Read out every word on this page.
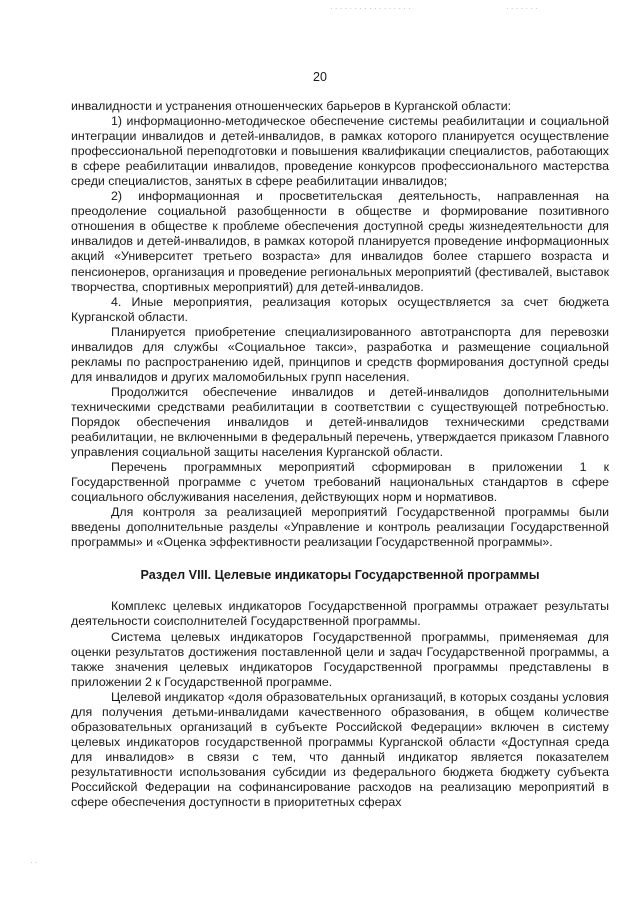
· · · · · · · · · · · · · · · · ·	· · · · · · ·
· ·
20

инвалидности и устранения отношенческих барьеров в Курганской области:

1) информационно-методическое обеспечение системы реабилитации и социальной интеграции инвалидов и детей-инвалидов, в рамках которого планируется осуществление профессиональной переподготовки и повышения квалификации специалистов, работающих в сфере реабилитации инвалидов, проведение конкурсов профессионального мастерства среди специалистов, занятых в сфере реабилитации инвалидов;

2) информационная и просветительская деятельность, направленная на преодоление социальной разобщенности в обществе и формирование позитивного отношения в обществе к проблеме обеспечения доступной среды жизнедеятельности для инвалидов и детей-инвалидов, в рамках которой планируется проведение информационных акций «Университет третьего возраста» для инвалидов более старшего возраста и пенсионеров, организация и проведение региональных мероприятий (фестивалей, выставок творчества, спортивных мероприятий) для детей-инвалидов.

4. Иные мероприятия, реализация которых осуществляется за счет бюджета Курганской области.

Планируется приобретение специализированного автотранспорта для перевозки инвалидов для службы «Социальное такси», разработка и размещение социальной рекламы по распространению идей, принципов и средств формирования доступной среды для инвалидов и других маломобильных групп населения.

Продолжится обеспечение инвалидов и детей-инвалидов дополнительными техническими средствами реабилитации в соответствии с существующей потребностью. Порядок обеспечения инвалидов и детей-инвалидов техническими средствами реабилитации, не включенными в федеральный перечень, утверждается приказом Главного управления социальной защиты населения Курганской области.

Перечень программных мероприятий сформирован в приложении 1 к Государственной программе с учетом требований национальных стандартов в сфере социального обслуживания населения, действующих норм и нормативов.

Для контроля за реализацией мероприятий Государственной программы были введены дополнительные разделы «Управление и контроль реализации Государственной программы» и «Оценка эффективности реализации Государственной программы».

Раздел VIII. Целевые индикаторы Государственной программы

Комплекс целевых индикаторов Государственной программы отражает результаты деятельности соисполнителей Государственной программы.

Система целевых индикаторов Государственной программы, применяемая для оценки результатов достижения поставленной цели и задач Государственной программы, а также значения целевых индикаторов Государственной программы представлены в приложении 2 к Государственной программе.

Целевой индикатор «доля образовательных организаций, в которых созданы условия для получения детьми-инвалидами качественного образования, в общем количестве образовательных организаций в субъекте Российской Федерации» включен в систему целевых индикаторов государственной программы Курганской области «Доступная среда для инвалидов» в связи с тем, что данный индикатор является показателем результативности использования субсидии из федерального бюджета бюджету субъекта Российской Федерации на софинансирование расходов на реализацию мероприятий в сфере обеспечения доступности в приоритетных сферах
